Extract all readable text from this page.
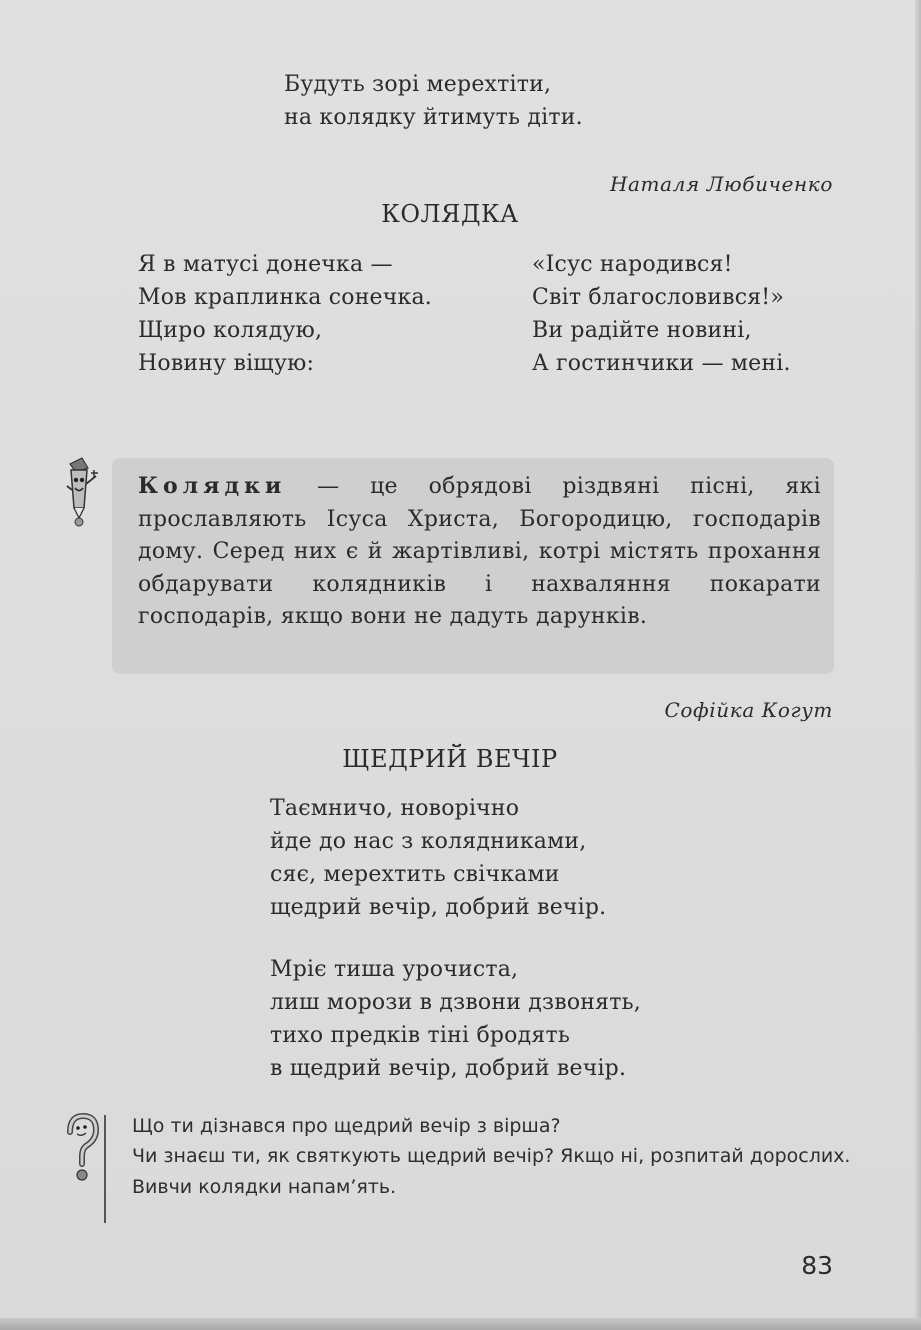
Будуть зорі мерехтіти,
на колядку йтимуть діти.
Наталя Любиченко
КОЛЯДКА
Я в матусі донечка —
Мов краплинка сонечка.
Щиро колядую,
Новину віщую:
«Ісус народився!
Світ благословився!»
Ви радійте новині,
А гостинчики — мені.
Колядки — це обрядові різдвяні пісні, які прославляють Ісуса Христа, Богородицю, господарів дому. Серед них є й жартівливі, котрі містять прохання обдарувати колядників і нахваляння покарати господарів, якщо вони не дадуть дарунків.
Софійка Когут
ЩЕДРИЙ ВЕЧІР
Таємничо, новорічно
йде до нас з колядниками,
сяє, мерехтить свічками
щедрий вечір, добрий вечір.
Мріє тиша урочиста,
лиш морози в дзвони дзвонять,
тихо предків тіні бродять
в щедрий вечір, добрий вечір.
Що ти дізнався про щедрий вечір з вірша?
Чи знаєш ти, як святкують щедрий вечір? Якщо ні, розпитай дорослих.
Вивчи колядки напам’ять.
83
